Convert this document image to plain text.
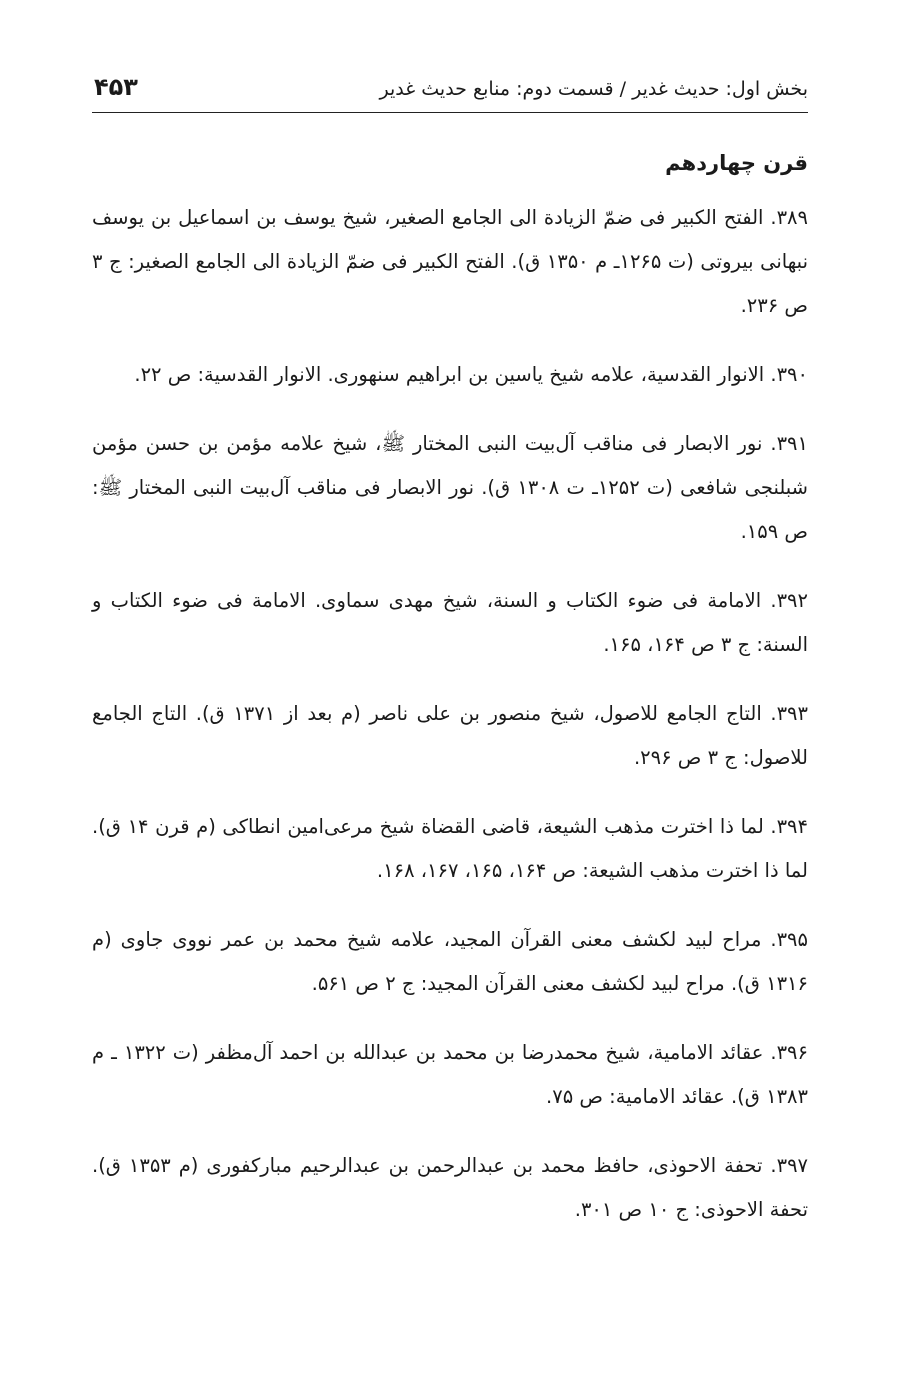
بخش اول: حدیث غدیر / قسمت دوم: منابع حدیث غدیر
۴۵۳
قرن چهاردهم

۳۸۹. الفتح الکبیر فی ضمّ الزیادة الی الجامع الصغیر، شیخ یوسف بن اسماعیل بن یوسف نبهانی بیروتی (ت ۱۲۶۵ـ م ۱۳۵۰ ق). الفتح الکبیر فی ضمّ الزیادة الی الجامع الصغیر: ج ۳ ص ۲۳۶.

۳۹۰. الانوار القدسیة، علامه شیخ یاسین بن ابراهیم سنهوری. الانوار القدسیة: ص ۲۲.

۳۹۱. نور الابصار فی مناقب آل‌بیت النبی المختار ﷺ، شیخ علامه مؤمن بن حسن مؤمن شبلنجی شافعی (ت ۱۲۵۲ـ ت ۱۳۰۸ ق). نور الابصار فی مناقب آل‌بیت النبی المختار ﷺ: ص ۱۵۹.

۳۹۲. الامامة فی ضوء الکتاب و السنة، شیخ مهدی سماوی. الامامة فی ضوء الکتاب و السنة: ج ۳ ص ۱۶۴، ۱۶۵.

۳۹۳. التاج الجامع للاصول، شیخ منصور بن علی ناصر (م بعد از ۱۳۷۱ ق). التاج الجامع للاصول: ج ۳ ص ۲۹۶.

۳۹۴. لما ذا اخترت مذهب الشیعة، قاضی القضاة شیخ مرعی‌امین انطاکی (م قرن ۱۴ ق). لما ذا اخترت مذهب الشیعة: ص ۱۶۴، ۱۶۵، ۱۶۷، ۱۶۸.

۳۹۵. مراح لبید لکشف معنی القرآن المجید، علامه شیخ محمد بن عمر نووی جاوی (م ۱۳۱۶ ق). مراح لبید لکشف معنی القرآن المجید: ج ۲ ص ۵۶۱.

۳۹۶. عقائد الامامیة، شیخ محمدرضا بن محمد بن عبدالله بن احمد آل‌مظفر (ت ۱۳۲۲ ـ م ۱۳۸۳ ق). عقائد الامامیة: ص ۷۵.

۳۹۷. تحفة الاحوذی، حافظ محمد بن عبدالرحمن بن عبدالرحیم مبارکفوری (م ۱۳۵۳ ق). تحفة الاحوذی: ج ۱۰ ص ۳۰۱.
